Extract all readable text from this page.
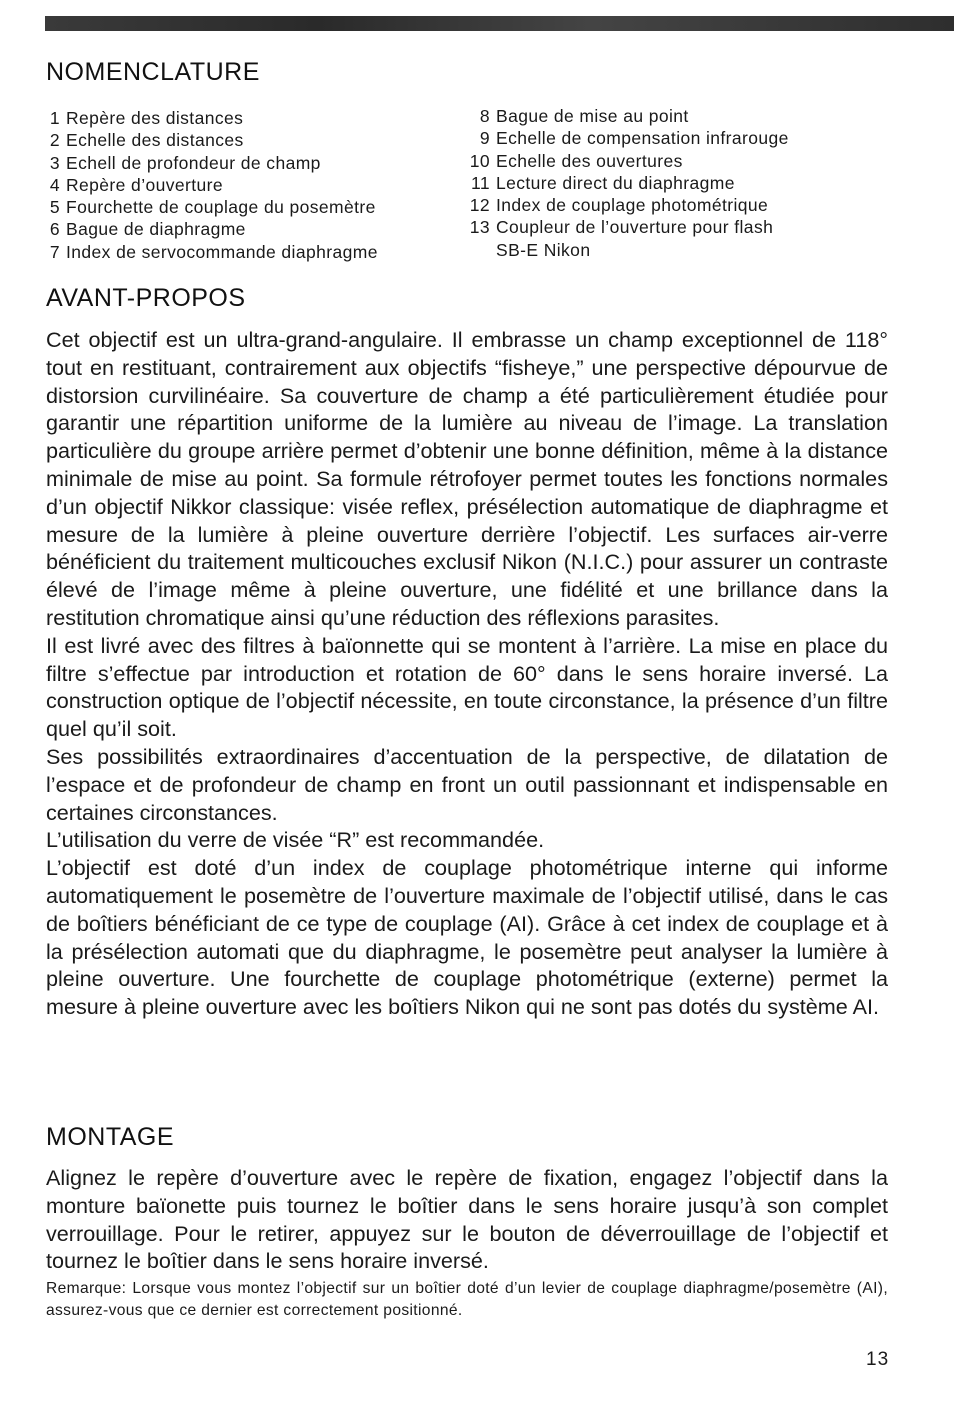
NOMENCLATURE
1 Repère des distances
2 Echelle des distances
3 Echell de profondeur de champ
4 Repère d’ouverture
5 Fourchette de couplage du posemètre
6 Bague de diaphragme
7 Index de servocommande diaphragme
8 Bague de mise au point
9 Echelle de compensation infrarouge
10 Echelle des ouvertures
11 Lecture direct du diaphragme
12 Index de couplage photométrique
13 Coupleur de l’ouverture pour flash
SB-E Nikon
AVANT-PROPOS

Cet objectif est un ultra-grand-angulaire. Il embrasse un champ exceptionnel de 118° tout en restituant, contrairement aux objectifs “fisheye,” une perspective dépourvue de distorsion curvilinéaire. Sa couverture de champ a été particulièrement étudiée pour garantir une répartition uniforme de la lumière au niveau de l’image. La translation particulière du groupe arrière permet d’obtenir une bonne définition, même à la distance minimale de mise au point. Sa formule rétrofoyer permet toutes les fonctions normales d’un objectif Nikkor classique: visée reflex, présélection automatique de diaphragme et mesure de la lumière à pleine ouverture derrière l’objectif. Les surfaces air-verre bénéficient du traitement multicouches exclusif Nikon (N.I.C.) pour assurer un contraste élevé de l’image même à pleine ouverture, une fidélité et une brillance dans la restitution chromatique ainsi qu’une réduction des réflexions parasites.

Il est livré avec des filtres à baïonnette qui se montent à l’arrière. La mise en place du filtre s’effectue par introduction et rotation de 60° dans le sens horaire inversé. La construction optique de l’objectif nécessite, en toute circonstance, la présence d’un filtre quel qu’il soit.

Ses possibilités extraordinaires d’accentuation de la perspective, de dilatation de l’espace et de profondeur de champ en front un outil passionnant et indispensable en certaines circonstances.

L’utilisation du verre de visée “R” est recommandée.

L’objectif est doté d’un index de couplage photométrique interne qui informe automatiquement le posemètre de l’ouverture maximale de l’objectif utilisé, dans le cas de boîtiers bénéficiant de ce type de couplage (AI). Grâce à cet index de couplage et à la présélection automati que du diaphragme, le posemètre peut analyser la lumière à pleine ouverture. Une fourchette de couplage photométrique (externe) permet la mesure à pleine ouverture avec les boîtiers Nikon qui ne sont pas dotés du système AI.

MONTAGE

Alignez le repère d’ouverture avec le repère de fixation, engagez l’objectif dans la monture baïonette puis tournez le boîtier dans le sens horaire jusqu’à son complet verrouillage. Pour le retirer, appuyez sur le bouton de déverrouillage de l’objectif et tournez le boîtier dans le sens horaire inversé.

Remarque: Lorsque vous montez l’objectif sur un boîtier doté d’un levier de couplage diaphragme/posemètre (AI), assurez-vous que ce dernier est correctement positionné.
13
